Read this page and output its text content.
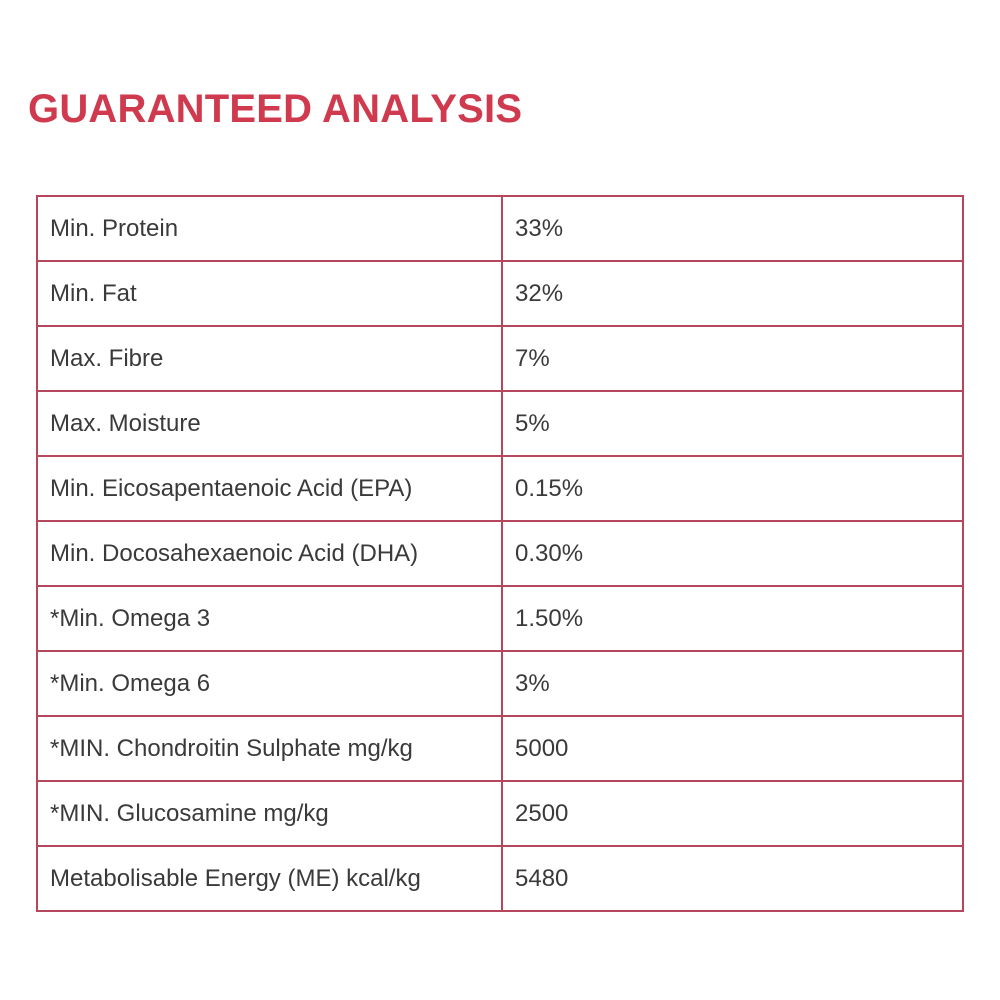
GUARANTEED ANALYSIS
Min. Protein	33%
Min. Fat	32%
Max. Fibre	7%
Max. Moisture	5%
Min. Eicosapentaenoic Acid (EPA)	0.15%
Min. Docosahexaenoic Acid (DHA)	0.30%
*Min. Omega 3	1.50%
*Min. Omega 6	3%
*MIN. Chondroitin Sulphate mg/kg	5000
*MIN. Glucosamine mg/kg	2500
Metabolisable Energy (ME) kcal/kg	5480
